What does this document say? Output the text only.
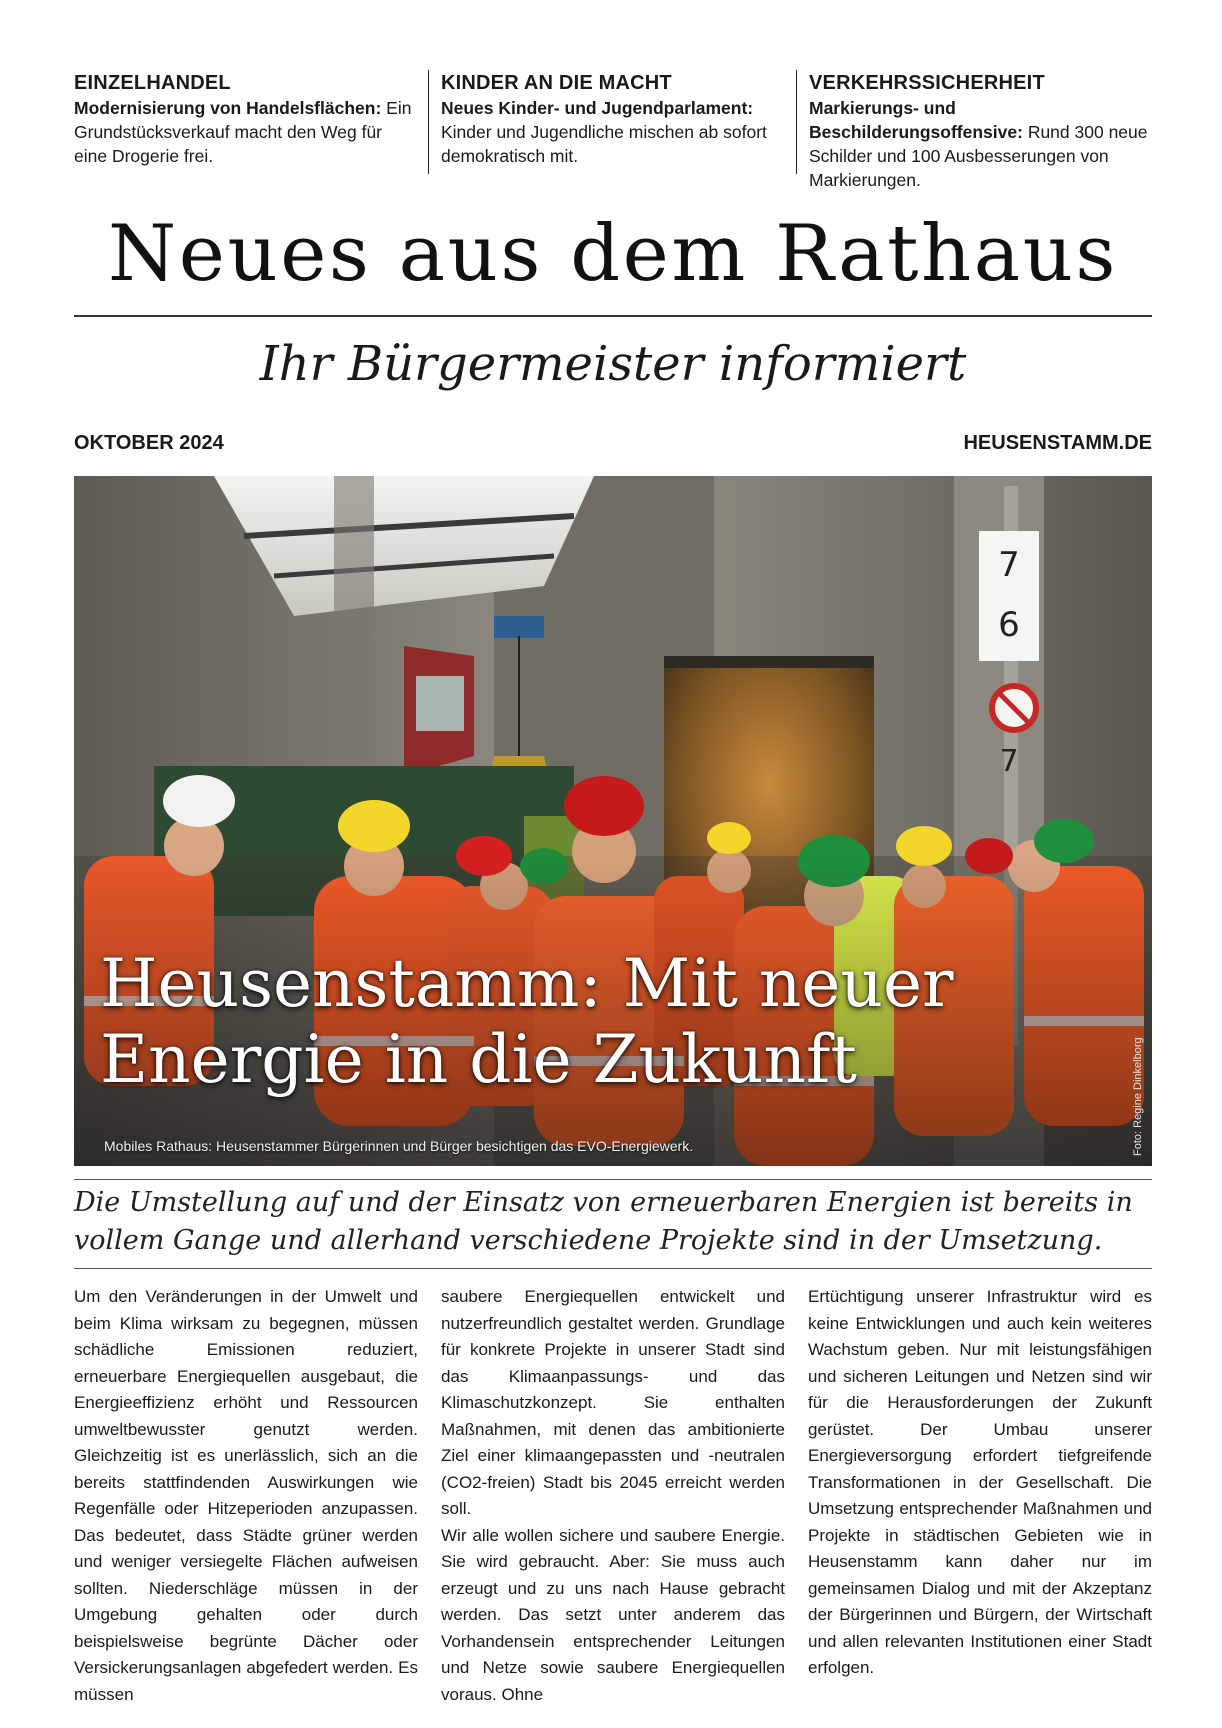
EINZELHANDEL
Modernisierung von Handelsflächen: Ein Grundstücksverkauf macht den Weg für eine Drogerie frei.
KINDER AN DIE MACHT
Neues Kinder- und Jugendparlament: Kinder und Jugendliche mischen ab sofort demokratisch mit.
VERKEHRSSICHERHEIT
Markierungs- und Beschilderungsoffensive: Rund 300 neue Schilder und 100 Ausbesserungen von Markierungen.
Neues aus dem Rathaus
Ihr Bürgermeister informiert
OKTOBER 2024	HEUSENSTAMM.DE
Heusenstamm: Mit neuer
Energie in die Zukunft
Mobiles Rathaus: Heusenstammer Bürgerinnen und Bürger besichtigen das EVO-Energiewerk.	Foto: Regine Dinkelborg
Die Umstellung auf und der Einsatz von erneuerbaren Energien ist bereits in vollem Gange und allerhand verschiedene Projekte sind in der Umsetzung.

Um den Veränderungen in der Umwelt und beim Klima wirksam zu begegnen, müssen schädliche Emissionen reduziert, erneuerbare Energiequellen ausgebaut, die Energieeffizienz erhöht und Ressourcen umweltbewusster genutzt werden. Gleichzeitig ist es unerlässlich, sich an die bereits stattfindenden Auswirkungen wie Regenfälle oder Hitzeperioden anzupassen. Das bedeutet, dass Städte grüner werden und weniger versiegelte Flächen aufweisen sollten. Niederschläge müssen in der Umgebung gehalten oder durch beispielsweise begrünte Dächer oder Versickerungsanlagen abgefedert werden. Es müssen

saubere Energiequellen entwickelt und nutzerfreundlich gestaltet werden. Grundlage für konkrete Projekte in unserer Stadt sind das Klimaanpassungs- und das Klimaschutzkonzept. Sie enthalten Maßnahmen, mit denen das ambitionierte Ziel einer klimaangepassten und -neutralen (CO2-freien) Stadt bis 2045 erreicht werden soll.

Wir alle wollen sichere und saubere Energie. Sie wird gebraucht. Aber: Sie muss auch erzeugt und zu uns nach Hause gebracht werden. Das setzt unter anderem das Vorhandensein entsprechender Leitungen und Netze sowie saubere Energiequellen voraus. Ohne

Ertüchtigung unserer Infrastruktur wird es keine Entwicklungen und auch kein weiteres Wachstum geben. Nur mit leistungsfähigen und sicheren Leitungen und Netzen sind wir für die Herausforderungen der Zukunft gerüstet. Der Umbau unserer Energieversorgung erfordert tiefgreifende Transformationen in der Gesellschaft. Die Umsetzung entsprechender Maßnahmen und Projekte in städtischen Gebieten wie in Heusenstamm kann daher nur im gemeinsamen Dialog und mit der Akzeptanz der Bürgerinnen und Bürgern, der Wirtschaft und allen relevanten Institutionen einer Stadt erfolgen.
